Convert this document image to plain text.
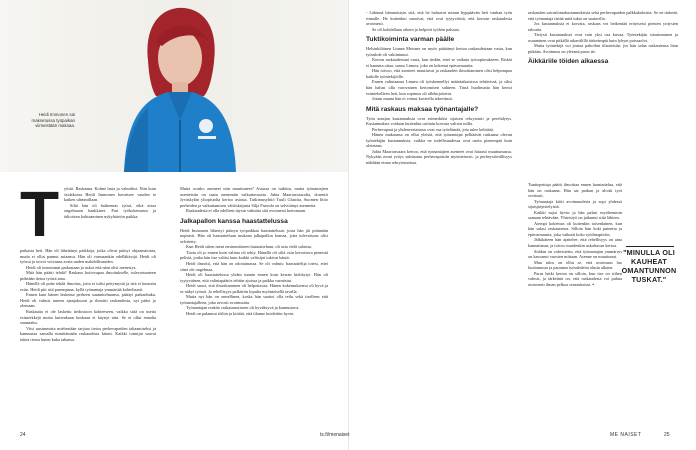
Heidi Immonen sai maksetussa työpaikan viimeistään maksaa.
T yöstö. Raskaana. Kolme lasta jo valmiiksi. Niin kuin viidakossa Heidi Immonen havaitsee vauden te kaiken ulimmillaan.

Siltä hän oli haikennas työsä, eikä asiaa ongelmaan hankkinet. Pari työkokemusta ja tältoisten kohtaaminen nykyhäiriön paikka.

paikasta heti. Hän oli lähettänyt paikkoja, jotka olivat pääsyt ohjaamatonta, mutta ei ollut pannut asiaansa. Hän oli varmaankin edelläkävijä. Heidi oli työssä ja toivoi voivansa avata uuden mahdollisuuden.

Heidi oli innostunut paikastaan ja uskoi että näin olisi menestys.

Mitä hän päätti tehdä? Raskaus hoitovapaa ilmoitukselle, tulevaisuuteen pidetään tietoa työstä aina.

Hänellä oli puhe tehdä ilmoitus, jotta ei tulisi pettymystä ja sitä ei kutsuttu esiin. Heidi piti sitä parempana, kyllä työnantaja ymmärtää kohteliaasti.

Ennen kuin hänen laskenut perheen suunnitelmansa, päättyi paikanhaku. Heidi oli valmis uuteen ajanjaksoon ja ilmoitti raskaudesta, nyt pääsi jo olemaan.

Raskautta ei ole laskettu tiedostoon kohteeseen, vaikka siitä on useita esimerkkejä mutta kuitenkaan koskaan ei käynyt niin. Se ei ollut ennalta suunnattu.

Viisi uusimmista miehestään tarjoaa tietoa perhevapaiden takaamiseksi ja kannustaa samalla nimittämään raskaudesta kiinni. Kaikki toimijat saavat tukea tietoa kuten kuka tahansa.

Mutta ovatko asenteet niin muuttuneet? Asiassa on tutkittu, mutta työnantajien asenteisiin on saatu enemmän vaikuttavuutta. Juhta Maariasvaaralta, dosentti Jyväskylän yliopistolta kertoo asiasta. Tutkimusyhtiö Tuuli Glasitta, Suomen liitto perheiden ja vaikuttamisen väitöskirjasta Silja Paavola on selvittänyt asennetta.

Raskaudesta ei olla edelleen täysin valmiita sitä avoimesti kertomaan.

Jalkapallon kanssa haastattelussa

Heidi Immonen lähestyi pääsyn työpaikkaa haastatteluun, josta hän jäi pitämään nopeasti. Hän oli haastatteluun mukana jalkapallon kanssa, jotta tulevaisuus olisi selvitetty.

Kun Heidi sitten meni ensimmäiseen haastatteluun, oli asia vielä salaista.

Tuota oli jo ennen kuin valinta oli tehty. Hänellä oli siltä osin kerrottava pienestä pelistä, jonka hän itse valitsi kuin kaikki valitsijat tukivat häntä.

Heidi ilmoitti, että hän on odottamassa. Se oli valmis: haastattelija totesi, ettei siinä ole ongelmaa.

Heidi oli haastattelussa yhden tunnin ennen kuin kerran kieltäytyi. Hän oli tyytyväinen, että valintapäätös tehtiin ajoissa ja paikka varmistui.

Heidi sanoi, että ilmoittaminen oli helpottavaa. Hänen kokemuksensa oli hyvä ja se näkyi työssä. Ja rehellisyys palkittiin lopulta myönteisellä tavalla.

Mutta nyt hän on onnellinen, koska hän saattoi olla reilu sekä itselleen että työnantajalleen, joka arvosti avoimuutta.

Työnantajan reaktio raskausuutiseen oli hyväksyvä ja kannustava.

Heidi on palannut töihin ja kiittää, että tilanne hoidettiin hyvin.

24	ts.fi/menaiset

- Lähinnä hämmästyin sitä, että he haluavat minun hyppäävän heti vanhan työn rinnalle. He kuitenkin sanoivat, että ovat tyytyväisiä, että kerroin raskaudesta avoimesti.

Se oli kohdallaan oikein ja helpotti työhön paluuta.

Tuktikoiminta varman päälle

Helsinkiläinen Linnea Meisner on myös päättänyt kertoa raskaudestaan vasta, kun työsuhde oli vakiintunut.

Kerron raskaudestani vasta, kun tiedän, ettei se vaikuta työsopimukseen. Riskiä ei kannata ottaa, sanoo Linnea, joka on kokenut epävarmuutta.

Hän toivoo, että asenteet muuttuvat ja raskauden ilmoittaminen olisi helpompaa kaikille työntekijöille.

Ennen valintaansa Linnea oli työskennellyt määräaikaisissa tehtävissä, ja siksi hän halusi olla varovainen kertomisen suhteen. Tästä huolimatta hän kertoi esimiehelleen heti, kun sopimus oli allekirjoitettu.

Jotain muuta hän ei voinut kuvitella tekevänsä.

Mitä raskaus maksaa työnantajalle?

Työn antajan kustannuksia ovat esimerkiksi sijaisen rekrytointi ja perehdytys. Kustannuksia voidaan kuitenkin osittain korvata valtion tuilla.

Perhevapaat ja yhdenvertaisuus ovat osa työelämää, jota tulee kehittää.

Hänen mukaansa on ollut yleistä, että työnantajat pelkäävät raskaana olevan työntekijän kustannuksia, vaikka ne todellisuudessa ovat usein pienempiä kuin oletetaan.

Juhta Maariasvaara kertoo, että työnantajien asenteet ovat hitaasti muuttumassa. Nykyään moni yritys suhtautuu perhevapaisiin myönteisesti, ja perheystävällisyys nähdään etuna rekrytoinnissa.

raskauden sairaslomakustannuksista sekä perhevapaiden palkkakuluista. Se on tärkeää, että työnantaja tietää mitä tukia on saatavilla.

Jos kustannuksia ei korvata, raskaus voi heikentää erityisesti pienten yritysten taloutta.

Tietysti kustannukset ovat vain yksi osa kuvaa. Työntekijän sitoutuminen ja osaaminen ovat pitkällä aikavälillä tärkeämpiä kuin lyhyet poissaolot.

Mutta työntekijä voi joutua pahoihin tilanteisiin, jos hän salaa raskautensa liian pitkään. Avoimuus on yleensä paras tie.

Äikkäriile töiden aikaessa

Tuntiopettaja päätti ilmoittaa ennen haastattelua, että hän on raskaana. Hän sai paikan ja aloitti työt sovitusti.

Työnantaja kiitti avoimuudesta ja sopi yhdessä sijaisjärjestelyistä.

Kaikki sujui hyvin ja hän palasi myöhemmin samaan tehtävään. Yhteistyö on jatkunut siitä lähtien.

Aiempi kokemus oli kuitenkin toisenlainen, kun hän salasi raskautensa. Silloin hän koki painetta ja epävarmuutta, joka vaikutti koko työilmapiiriin.

Jälkikäteen hän ajattelee, että rehellisyys on aina kannattanut, ja toivoo muidenkin uskaltavan kertoa.

Sitäkin on vahvistettu, että työnantajan ymmärrys on kasvanut vuosien mittaan. Asenne on muuttunut.

Muu tulos on ollut se, että avoimuus luo luottamusta ja parantaa työsuhdetta alusta alkaen.

Paras hetki kertoa on silloin, kun itse on siihen valmis, ja tärkeintä on, että raskaudesta voi puhua avoimesti ilman pelkoa seurauksista. •

"MINULLA OLI KAUHEAT OMANTUNNON TUSKAT."
ME NAISET	25
